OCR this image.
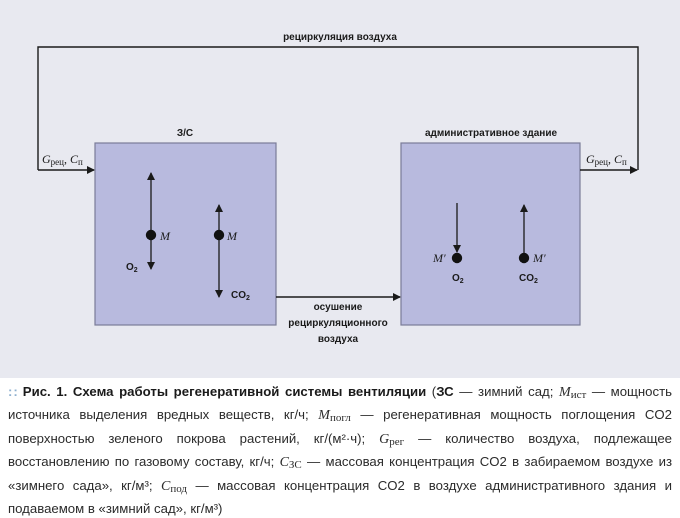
рециркуляция воздуха
З/С	административное здание
Gрец, Cп	Gрец, Cп
осушение
рециркуляционного
воздуха
M
$O_2$
M
$CO_2$
M′
$O_2$
M′
$CO_2$
:: Рис. 1. Схема работы регенеративной системы вентиляции (ЗС — зимний сад; Mист — мощность источника выделения вредных веществ, кг/ч; Mпогл — регенеративная мощность поглощения CO2 поверхностью зеленого покрова растений, кг/(м²·ч); Gрег — количество воздуха, подлежащее восстановлению по газовому составу, кг/ч; CЗС — массовая концентрация CO2 в забираемом воздухе из «зимнего сада», кг/м³; Cпод — массовая концентрация CO2 в воздухе административного здания и подаваемом в «зимний сад», кг/м³)
